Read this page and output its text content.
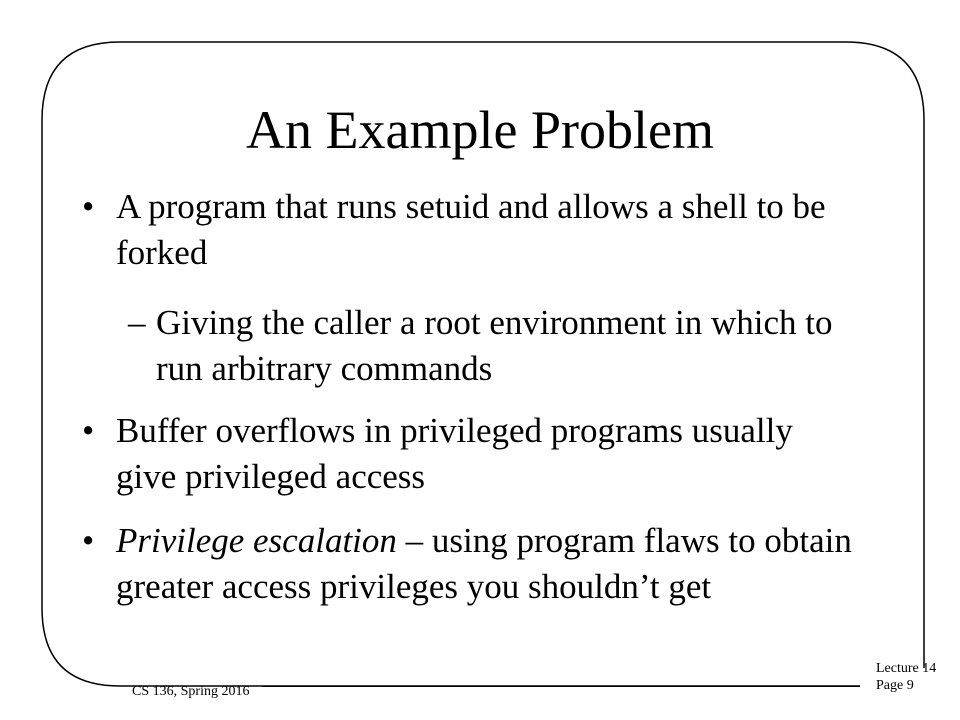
An Example Problem
• A program that runs setuid and allows a shell to be forked
– Giving the caller a root environment in which to run arbitrary commands
• Buffer overflows in privileged programs usually give privileged access
• Privilege escalation – using program flaws to obtain greater access privileges you shouldn’t get
CS 136, Spring 2016
Lecture 14
Page 9
